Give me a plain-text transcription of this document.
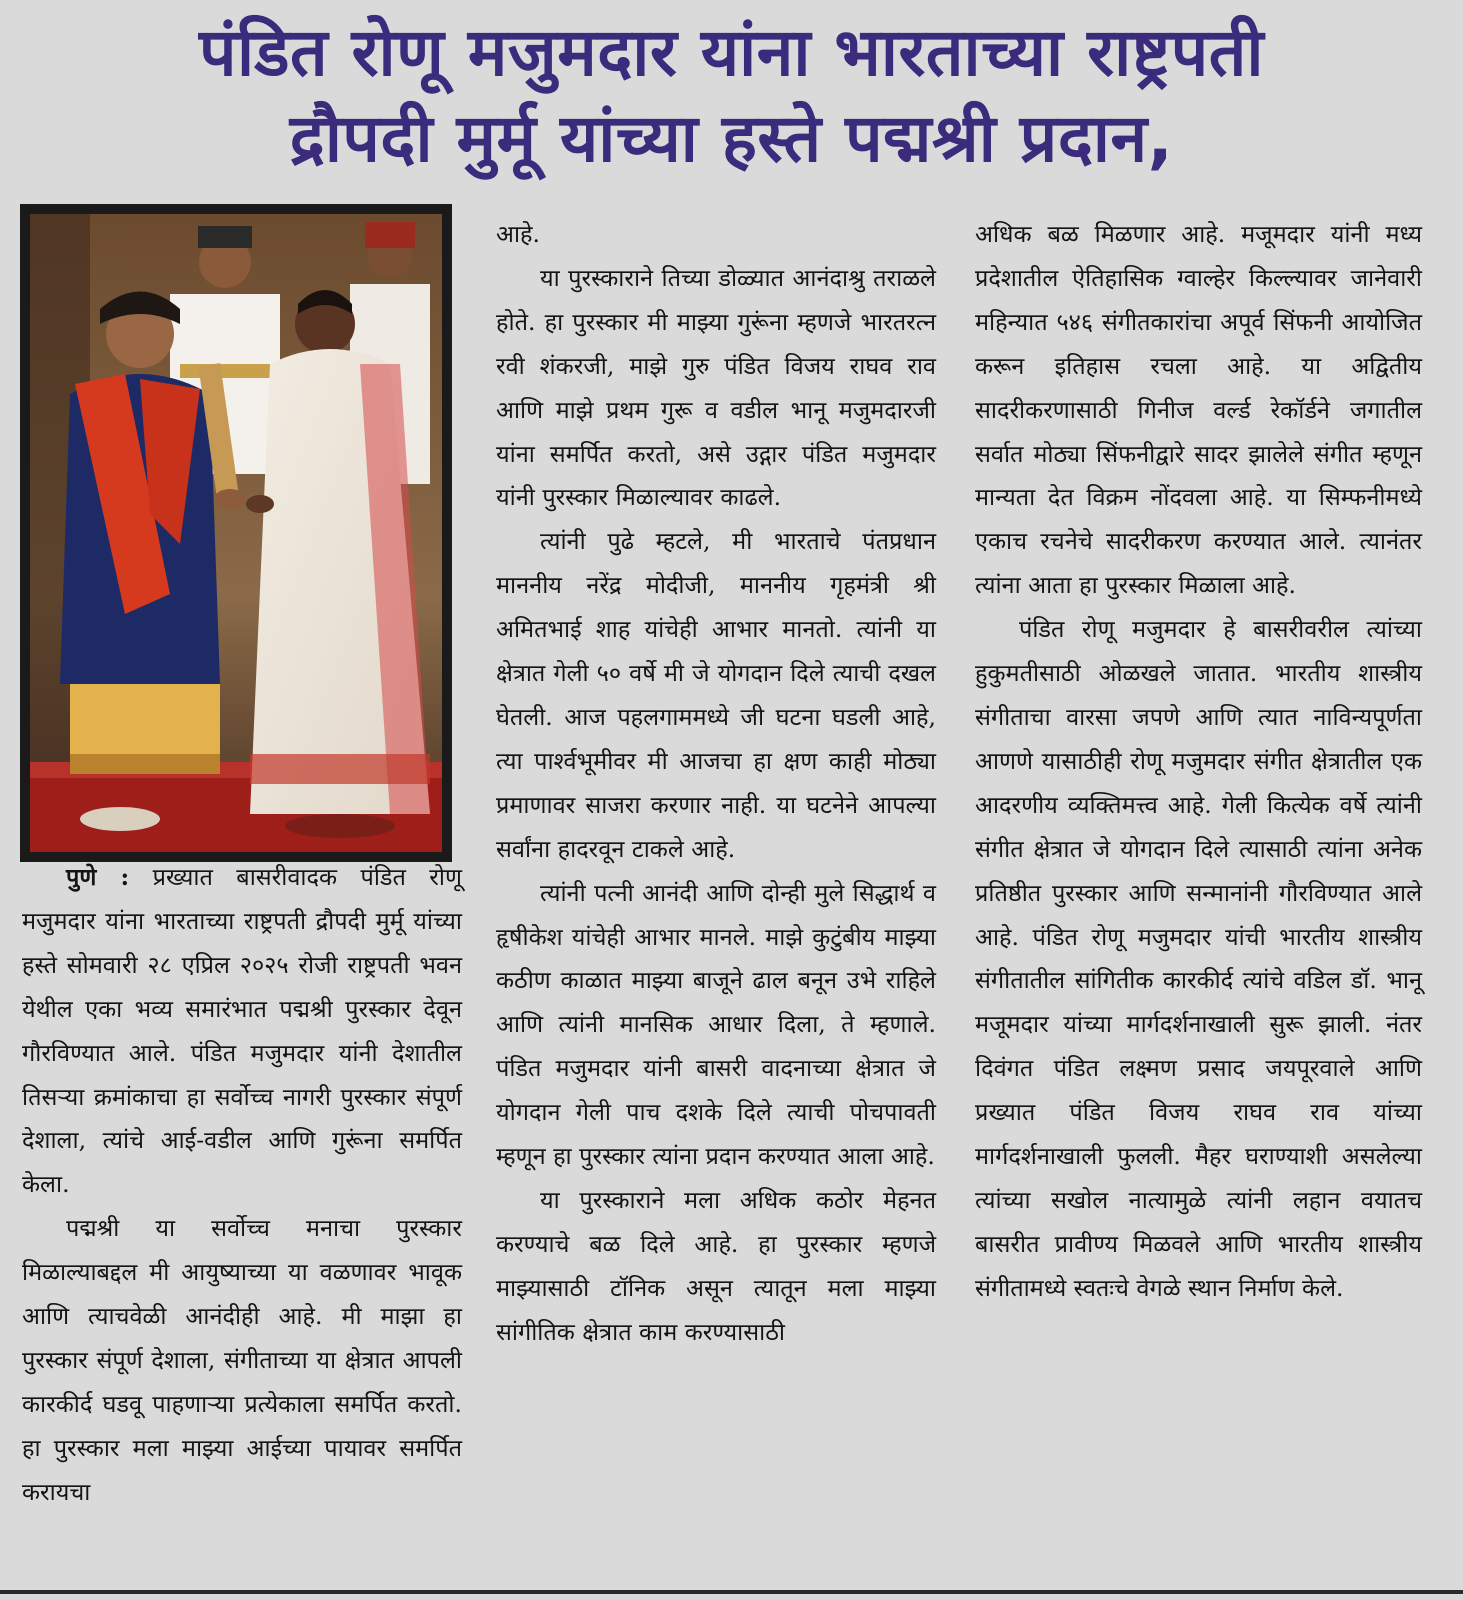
पंडित रोणू मजुमदार यांना भारताच्या राष्ट्रपती
द्रौपदी मुर्मू यांच्या हस्ते पद्मश्री प्रदान,

पुणे : प्रख्यात बासरीवादक पंडित रोणू मजुमदार यांना भारताच्या राष्ट्रपती द्रौपदी मुर्मू यांच्या हस्ते सोमवारी २८ एप्रिल २०२५ रोजी राष्ट्रपती भवन येथील एका भव्य समारंभात पद्मश्री पुरस्कार देवून गौरविण्यात आले. पंडित मजुमदार यांनी देशातील तिसऱ्या क्रमांकाचा हा सर्वोच्च नागरी पुरस्कार संपूर्ण देशाला, त्यांचे आई-वडील आणि गुरूंना समर्पित केला.

पद्मश्री या सर्वोच्च मनाचा पुरस्कार मिळाल्याबद्दल मी आयुष्याच्या या वळणावर भावूक आणि त्याचवेळी आनंदीही आहे. मी माझा हा पुरस्कार संपूर्ण देशाला, संगीताच्या या क्षेत्रात आपली कारकीर्द घडवू पाहणाऱ्या प्रत्येकाला समर्पित करतो. हा पुरस्कार मला माझ्या आईच्या पायावर समर्पित करायचा

आहे.

या पुरस्काराने तिच्या डोळ्यात आनंदाश्रु तराळले होते. हा पुरस्कार मी माझ्या गुरूंना म्हणजे भारतरत्न रवी शंकरजी, माझे गुरु पंडित विजय राघव राव आणि माझे प्रथम गुरू व वडील भानू मजुमदारजी यांना समर्पित करतो, असे उद्गार पंडित मजुमदार यांनी पुरस्कार मिळाल्यावर काढले.

त्यांनी पुढे म्हटले, मी भारताचे पंतप्रधान माननीय नरेंद्र मोदीजी, माननीय गृहमंत्री श्री अमितभाई शाह यांचेही आभार मानतो. त्यांनी या क्षेत्रात गेली ५० वर्षे मी जे योगदान दिले त्याची दखल घेतली. आज पहलगाममध्ये जी घटना घडली आहे, त्या पार्श्वभूमीवर मी आजचा हा क्षण काही मोठ्या प्रमाणावर साजरा करणार नाही. या घटनेने आपल्या सर्वांना हादरवून टाकले आहे.

त्यांनी पत्नी आनंदी आणि दोन्ही मुले सिद्धार्थ व हृषीकेश यांचेही आभार मानले. माझे कुटुंबीय माझ्या कठीण काळात माझ्या बाजूने ढाल बनून उभे राहिले आणि त्यांनी मानसिक आधार दिला, ते म्हणाले. पंडित मजुमदार यांनी बासरी वादनाच्या क्षेत्रात जे योगदान गेली पाच दशके दिले त्याची पोचपावती म्हणून हा पुरस्कार त्यांना प्रदान करण्यात आला आहे.

या पुरस्काराने मला अधिक कठोर मेहनत करण्याचे बळ दिले आहे. हा पुरस्कार म्हणजे माझ्यासाठी टॉनिक असून त्यातून मला माझ्या सांगीतिक क्षेत्रात काम करण्यासाठी

अधिक बळ मिळणार आहे. मजूमदार यांनी मध्य प्रदेशातील ऐतिहासिक ग्वाल्हेर किल्ल्यावर जानेवारी महिन्यात ५४६ संगीतकारांचा अपूर्व सिंफनी आयोजित करून इतिहास रचला आहे. या अद्वितीय सादरीकरणासाठी गिनीज वर्ल्ड रेकॉर्डने जगातील सर्वात मोठ्या सिंफनीद्वारे सादर झालेले संगीत म्हणून मान्यता देत विक्रम नोंदवला आहे. या सिम्फनीमध्ये एकाच रचनेचे सादरीकरण करण्यात आले. त्यानंतर त्यांना आता हा पुरस्कार मिळाला आहे.

पंडित रोणू मजुमदार हे बासरीवरील त्यांच्या हुकुमतीसाठी ओळखले जातात. भारतीय शास्त्रीय संगीताचा वारसा जपणे आणि त्यात नाविन्यपूर्णता आणणे यासाठीही रोणू मजुमदार संगीत क्षेत्रातील एक आदरणीय व्यक्तिमत्त्व आहे. गेली कित्येक वर्षे त्यांनी संगीत क्षेत्रात जे योगदान दिले त्यासाठी त्यांना अनेक प्रतिष्ठीत पुरस्कार आणि सन्मानांनी गौरविण्यात आले आहे. पंडित रोणू मजुमदार यांची भारतीय शास्त्रीय संगीतातील सांगितीक कारकीर्द त्यांचे वडिल डॉ. भानू मजूमदार यांच्या मार्गदर्शनाखाली सुरू झाली. नंतर दिवंगत पंडित लक्ष्मण प्रसाद जयपूरवाले आणि प्रख्यात पंडित विजय राघव राव यांच्या मार्गदर्शनाखाली फुलली. मैहर घराण्याशी असलेल्या त्यांच्या सखोल नात्यामुळे त्यांनी लहान वयातच बासरीत प्रावीण्य मिळवले आणि भारतीय शास्त्रीय संगीतामध्ये स्वतःचे वेगळे स्थान निर्माण केले.
